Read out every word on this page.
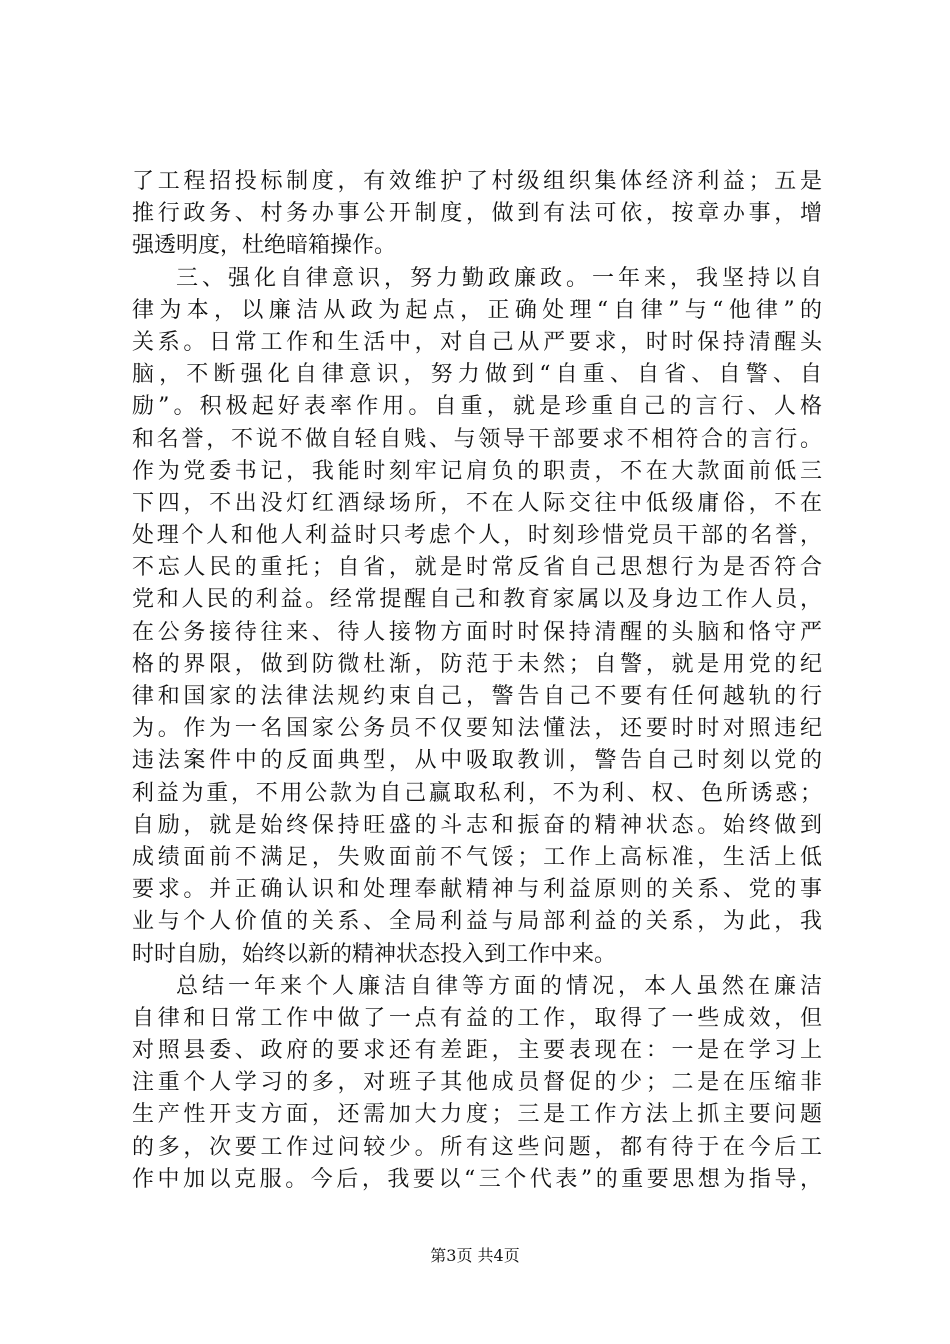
了工程招投标制度，有效维护了村级组织集体经济利益；五是
推行政务、村务办事公开制度，做到有法可依，按章办事，增
强透明度，杜绝暗箱操作。
三、强化自律意识，努力勤政廉政。一年来，我坚持以自
律为本，以廉洁从政为起点，正确处理“自律”与“他律”的
关系。日常工作和生活中，对自己从严要求，时时保持清醒头
脑，不断强化自律意识，努力做到“自重、自省、自警、自
励”。积极起好表率作用。自重，就是珍重自己的言行、人格
和名誉，不说不做自轻自贱、与领导干部要求不相符合的言行。
作为党委书记，我能时刻牢记肩负的职责，不在大款面前低三
下四，不出没灯红酒绿场所，不在人际交往中低级庸俗，不在
处理个人和他人利益时只考虑个人，时刻珍惜党员干部的名誉，
不忘人民的重托；自省，就是时常反省自己思想行为是否符合
党和人民的利益。经常提醒自己和教育家属以及身边工作人员，
在公务接待往来、待人接物方面时时保持清醒的头脑和恪守严
格的界限，做到防微杜渐，防范于未然；自警，就是用党的纪
律和国家的法律法规约束自己，警告自己不要有任何越轨的行
为。作为一名国家公务员不仅要知法懂法，还要时时对照违纪
违法案件中的反面典型，从中吸取教训，警告自己时刻以党的
利益为重，不用公款为自己赢取私利，不为利、权、色所诱惑；
自励，就是始终保持旺盛的斗志和振奋的精神状态。始终做到
成绩面前不满足，失败面前不气馁；工作上高标准，生活上低
要求。并正确认识和处理奉献精神与利益原则的关系、党的事
业与个人价值的关系、全局利益与局部利益的关系，为此，我
时时自励，始终以新的精神状态投入到工作中来。
总结一年来个人廉洁自律等方面的情况，本人虽然在廉洁
自律和日常工作中做了一点有益的工作，取得了一些成效，但
对照县委、政府的要求还有差距，主要表现在：一是在学习上
注重个人学习的多，对班子其他成员督促的少；二是在压缩非
生产性开支方面，还需加大力度；三是工作方法上抓主要问题
的多，次要工作过问较少。所有这些问题，都有待于在今后工
作中加以克服。今后，我要以“三个代表”的重要思想为指导，
第3页 共4页
